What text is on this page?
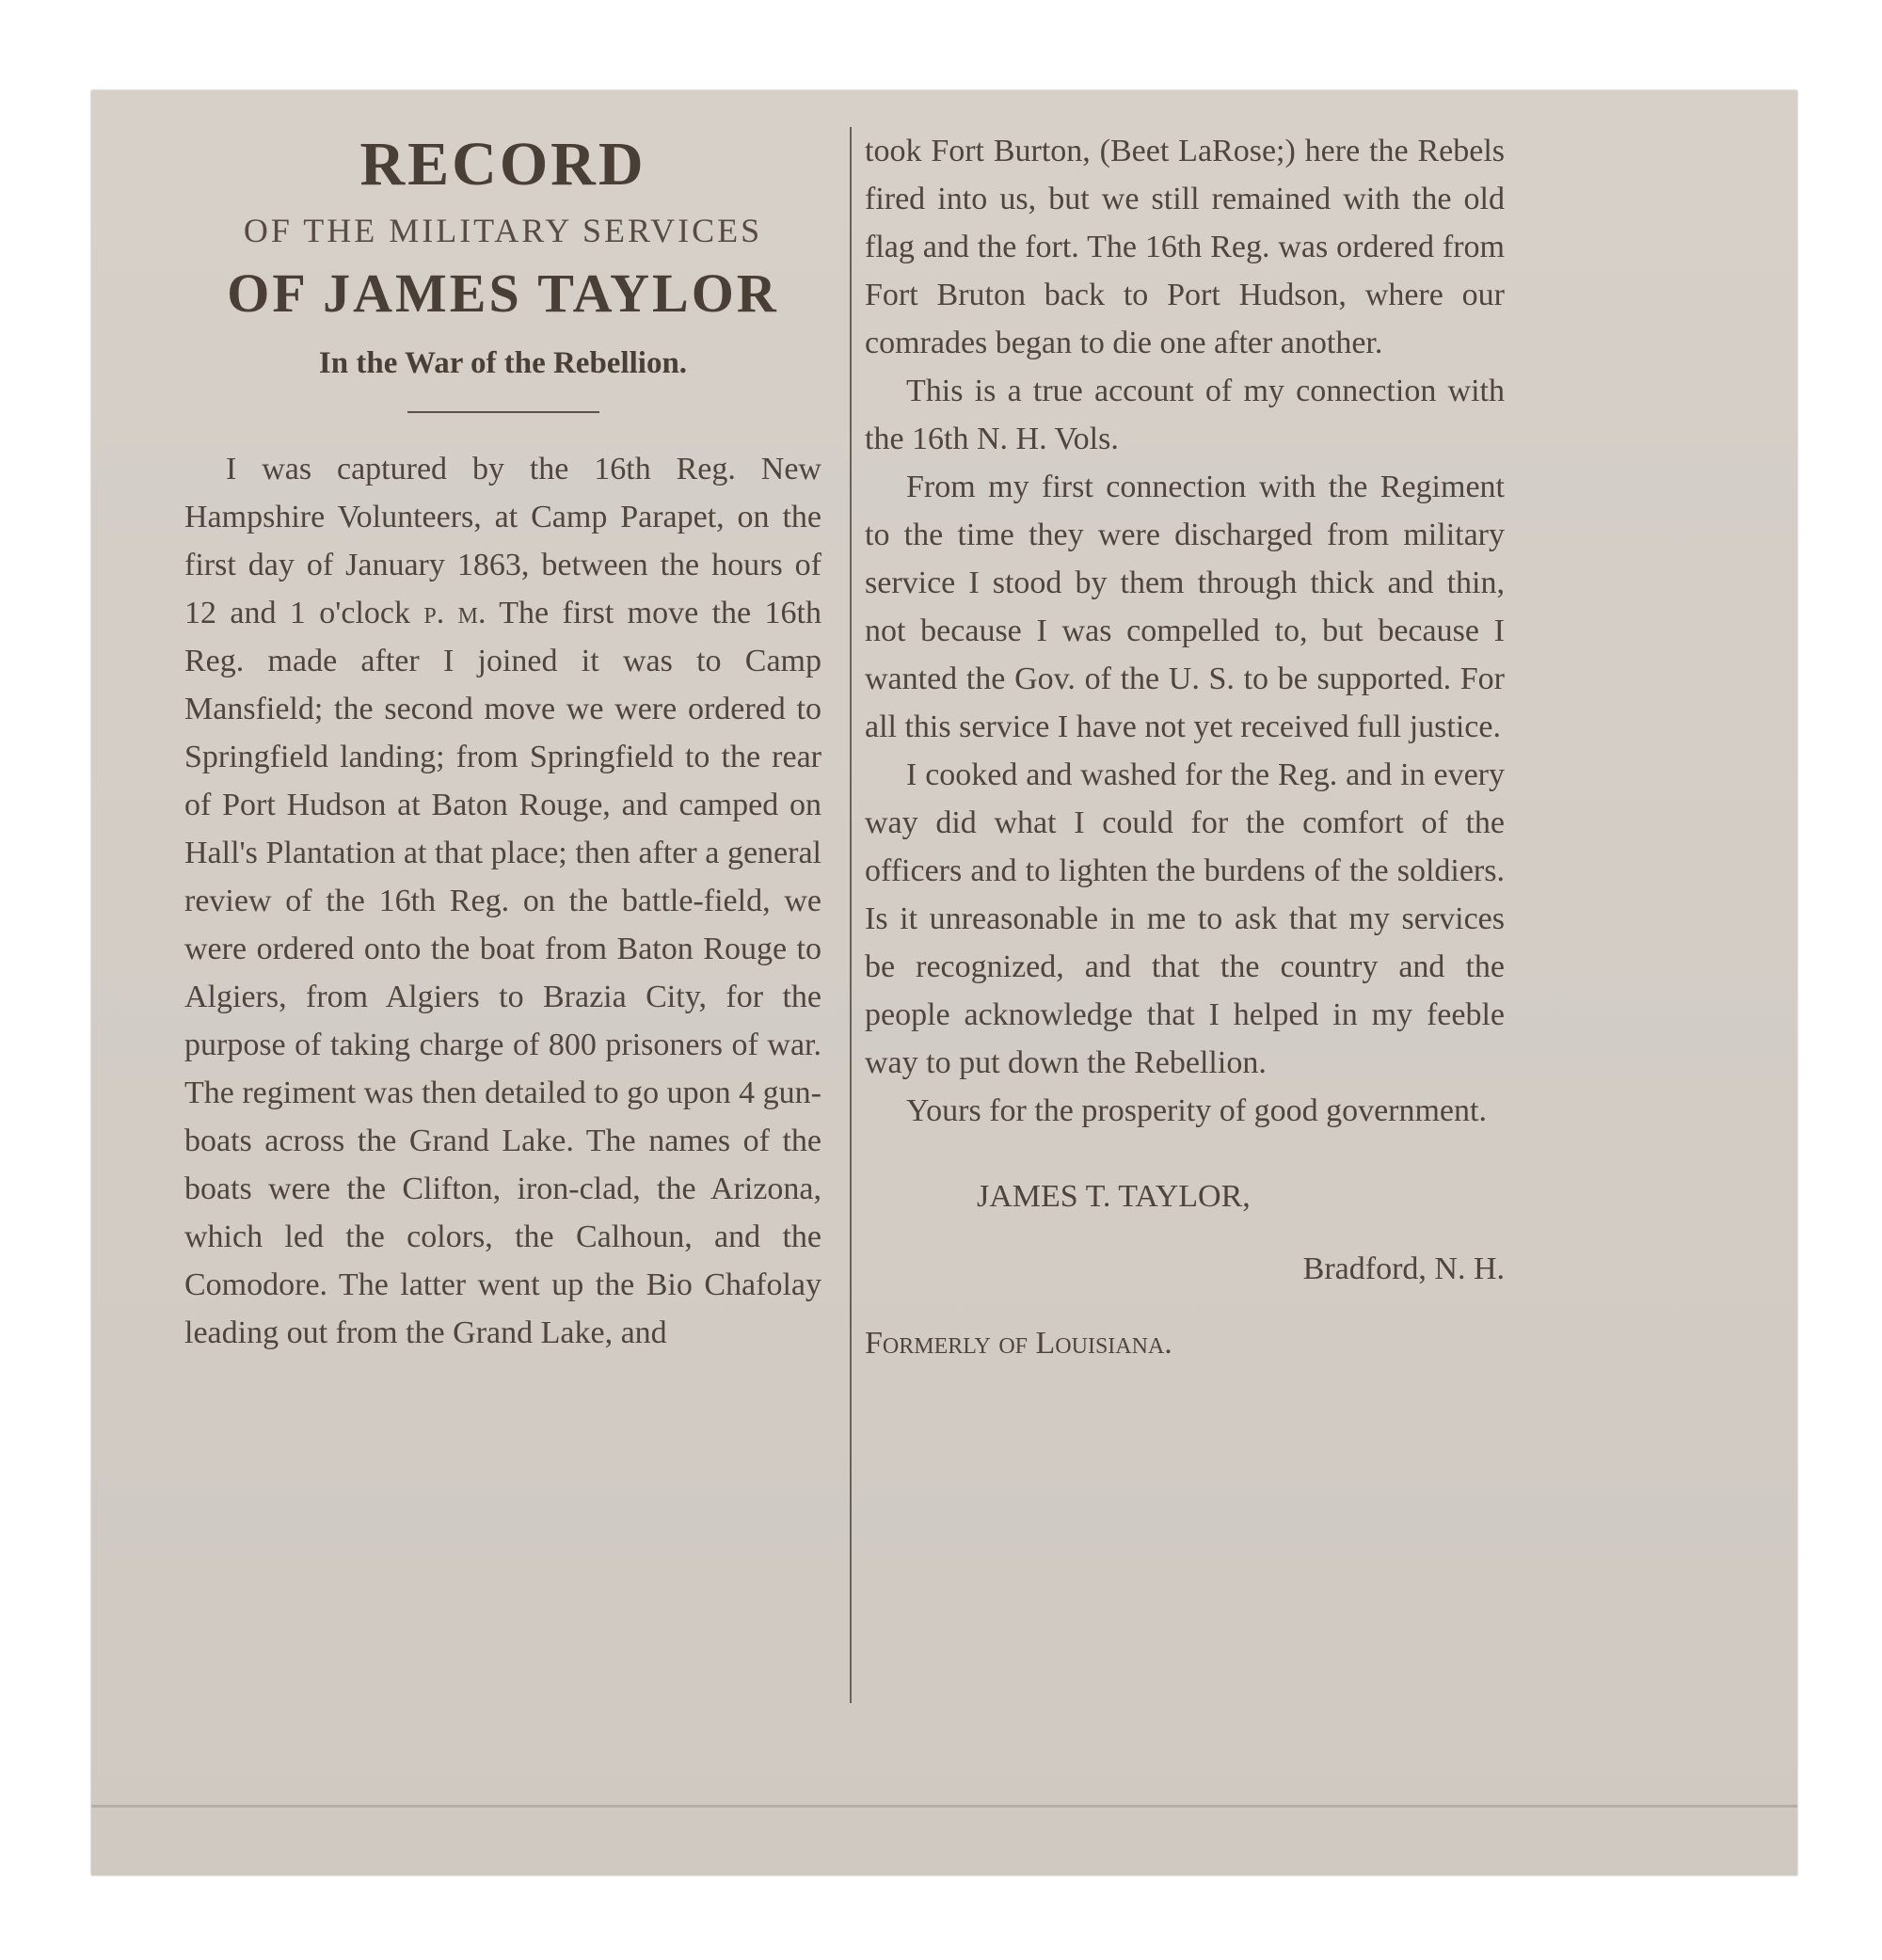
RECORD
OF THE MILITARY SERVICES
OF JAMES TAYLOR
In the War of the Rebellion.

I was captured by the 16th Reg. New Hampshire Volunteers, at Camp Parapet, on the first day of January 1863, between the hours of 12 and 1 o'clock p. m. The first move the 16th Reg. made after I joined it was to Camp Mansfield; the second move we were ordered to Springfield landing; from Springfield to the rear of Port Hudson at Baton Rouge, and camped on Hall's Plantation at that place; then after a general review of the 16th Reg. on the battle-field, we were ordered onto the boat from Baton Rouge to Algiers, from Algiers to Brazia City, for the purpose of taking charge of 800 prisoners of war. The regiment was then detailed to go upon 4 gun-boats across the Grand Lake. The names of the boats were the Clifton, iron-clad, the Arizona, which led the colors, the Calhoun, and the Comodore. The latter went up the Bio Chafolay leading out from the Grand Lake, and

took Fort Burton, (Beet LaRose;) here the Rebels fired into us, but we still remained with the old flag and the fort. The 16th Reg. was ordered from Fort Bruton back to Port Hudson, where our comrades began to die one after another.

This is a true account of my connection with the 16th N. H. Vols.

From my first connection with the Regiment to the time they were discharged from military service I stood by them through thick and thin, not because I was compelled to, but because I wanted the Gov. of the U. S. to be supported. For all this service I have not yet received full justice.

I cooked and washed for the Reg. and in every way did what I could for the comfort of the officers and to lighten the burdens of the soldiers. Is it unreasonable in me to ask that my services be recognized, and that the country and the people acknowledge that I helped in my feeble way to put down the Rebellion.

Yours for the prosperity of good government.

JAMES T. TAYLOR,
Bradford, N. H.
Formerly of Louisiana.
